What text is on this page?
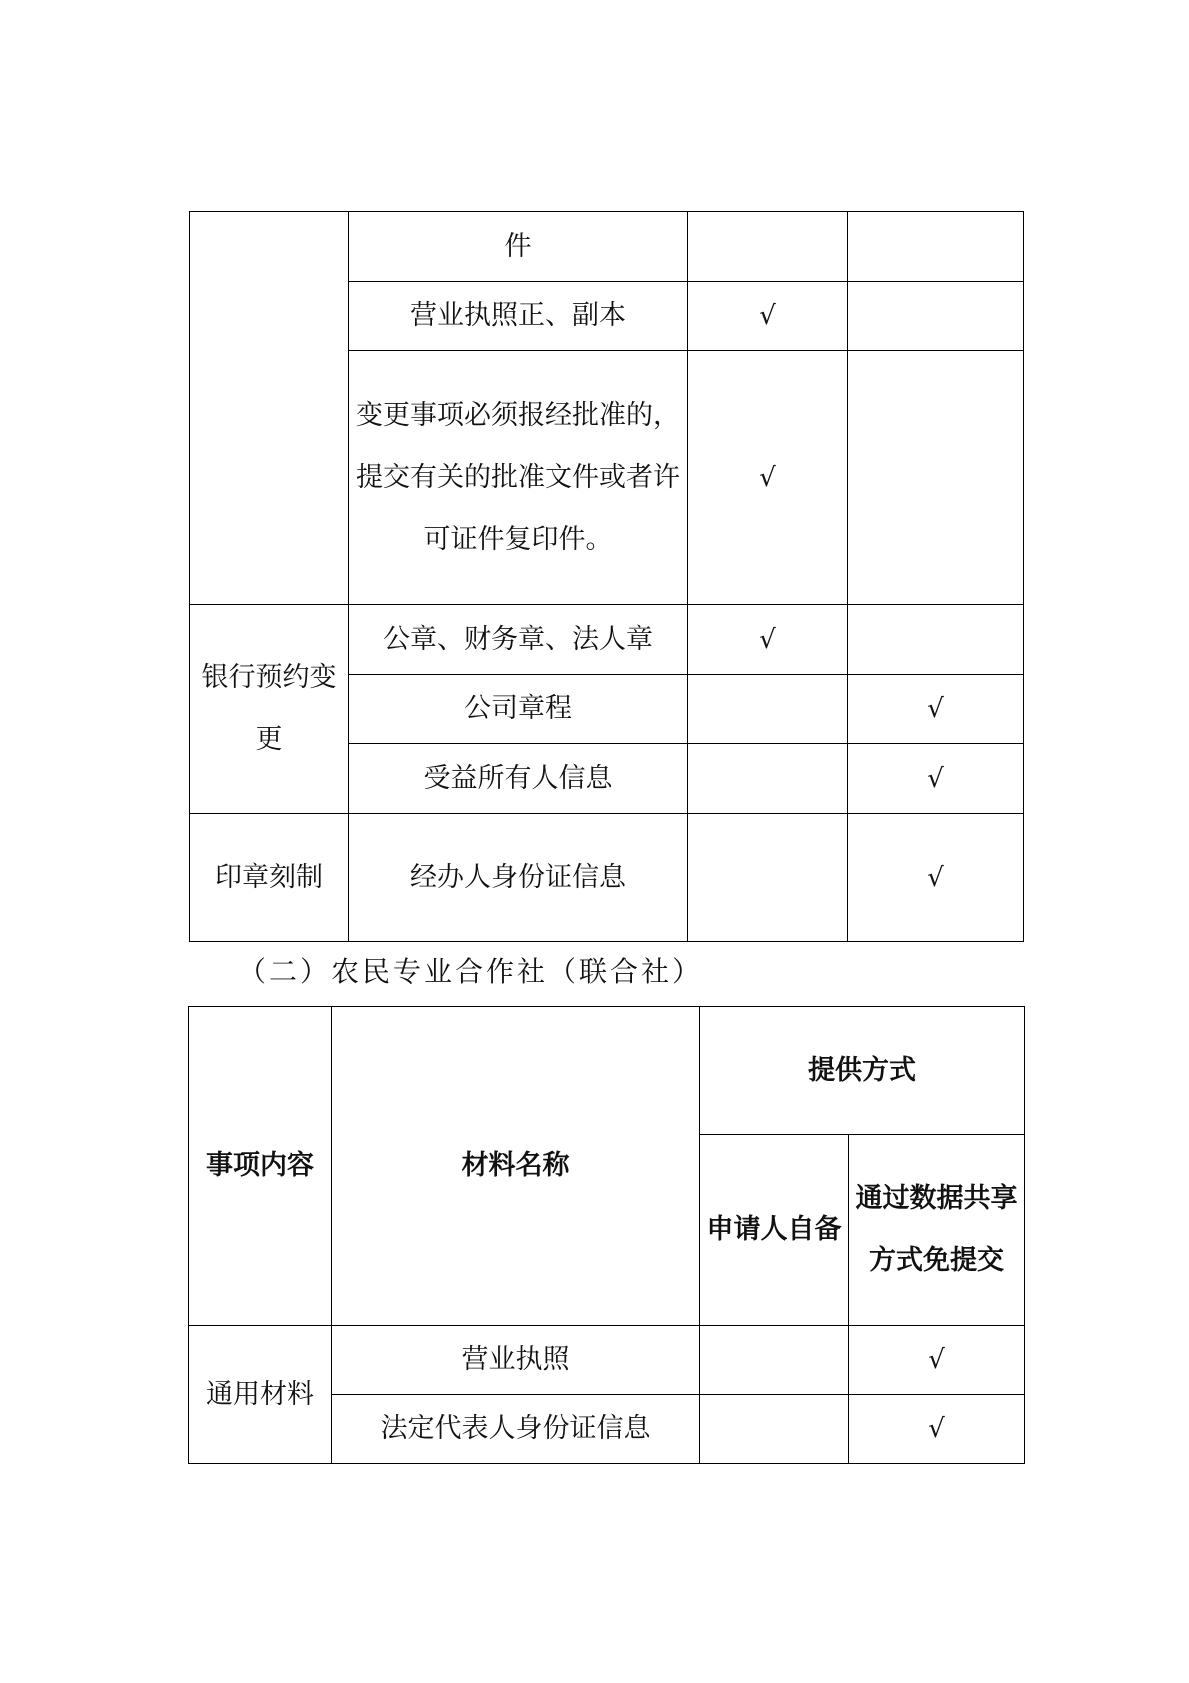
	件		
	营业执照正、副本	√	
	变更事项必须报经批准的，提交有关的批准文件或者许可证件复印件。	√	
银行预约变更	公章、财务章、法人章	√	
	公司章程		√
	受益所有人信息		√
印章刻制	经办人身份证信息		√
（二）农民专业合作社（联合社）
事项内容	材料名称	提供方式	
		申请人自备	通过数据共享方式免提交
通用材料	营业执照		√
	法定代表人身份证信息		√
